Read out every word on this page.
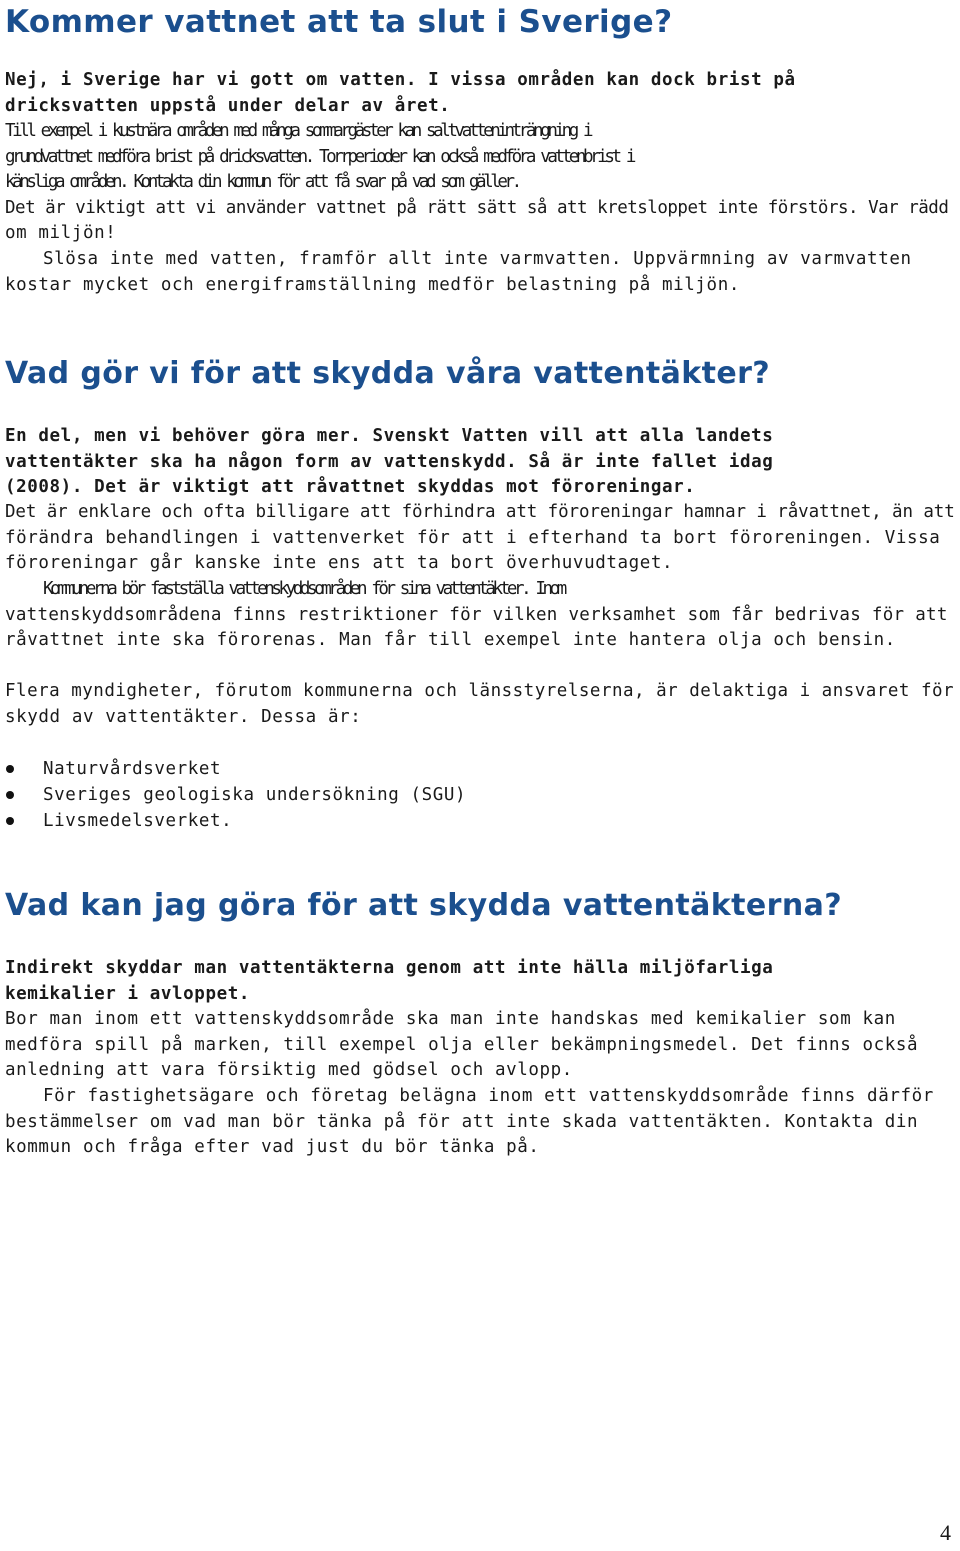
Kommer vattnet att ta slut i Sverige?
Nej, i Sverige har vi gott om vatten. I vissa områden kan dock brist på
dricksvatten uppstå under delar av året.
Till exempel i kustnära områden med många sommargäster kan saltvatteninträngning i
grundvattnet medföra brist på dricksvatten. Torrperioder kan också medföra vattenbrist i
känsliga områden. Kontakta din kommun för att få svar på vad som gäller.
Det är viktigt att vi använder vattnet på rätt sätt så att kretsloppet inte förstörs. Var rädd
om miljön!
Slösa inte med vatten, framför allt inte varmvatten. Uppvärmning av varmvatten
kostar mycket och energiframställning medför belastning på miljön.
Vad gör vi för att skydda våra vattentäkter?
En del, men vi behöver göra mer. Svenskt Vatten vill att alla landets
vattentäkter ska ha någon form av vattenskydd. Så är inte fallet idag
(2008). Det är viktigt att råvattnet skyddas mot föroreningar.
Det är enklare och ofta billigare att förhindra att föroreningar hamnar i råvattnet, än att
förändra behandlingen i vattenverket för att i efterhand ta bort föroreningen. Vissa
föroreningar går kanske inte ens att ta bort överhuvudtaget.
Kommunerna bör fastställa vattenskyddsområden för sina vattentäkter. Inom
vattenskyddsområdena finns restriktioner för vilken verksamhet som får bedrivas för att
råvattnet inte ska förorenas. Man får till exempel inte hantera olja och bensin.
Flera myndigheter, förutom kommunerna och länsstyrelserna, är delaktiga i ansvaret för
skydd av vattentäkter. Dessa är:
Naturvårdsverket
Sveriges geologiska undersökning (SGU)
Livsmedelsverket.
Vad kan jag göra för att skydda vattentäkterna?
Indirekt skyddar man vattentäkterna genom att inte hälla miljöfarliga
kemikalier i avloppet.
Bor man inom ett vattenskyddsområde ska man inte handskas med kemikalier som kan
medföra spill på marken, till exempel olja eller bekämpningsmedel. Det finns också
anledning att vara försiktig med gödsel och avlopp.
För fastighetsägare och företag belägna inom ett vattenskyddsområde finns därför
bestämmelser om vad man bör tänka på för att inte skada vattentäkten. Kontakta din
kommun och fråga efter vad just du bör tänka på.
4
